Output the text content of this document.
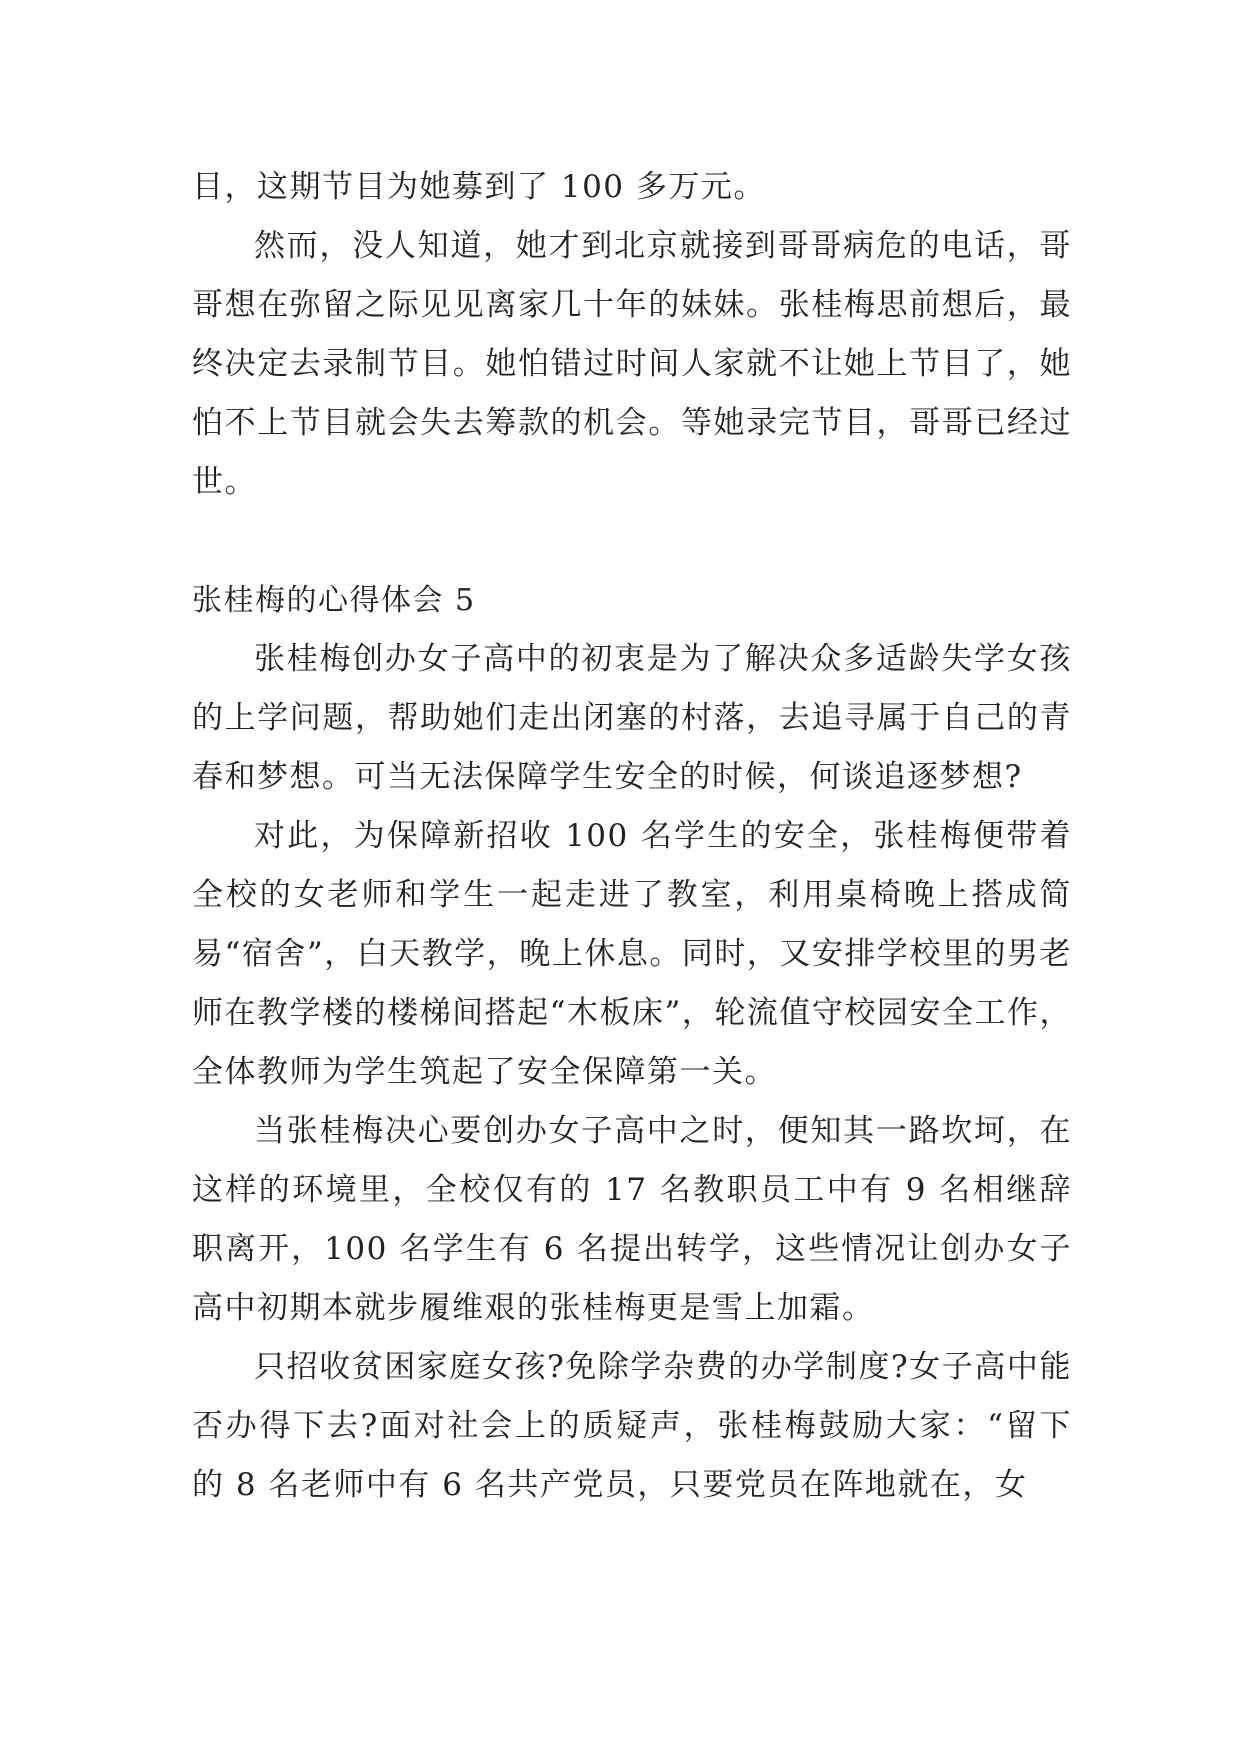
目，这期节目为她募到了 100 多万元。

然而，没人知道，她才到北京就接到哥哥病危的电话，哥哥想在弥留之际见见离家几十年的妹妹。张桂梅思前想后，最终决定去录制节目。她怕错过时间人家就不让她上节目了，她怕不上节目就会失去筹款的机会。等她录完节目，哥哥已经过世。

张桂梅的心得体会 5

张桂梅创办女子高中的初衷是为了解决众多适龄失学女孩的上学问题，帮助她们走出闭塞的村落，去追寻属于自己的青春和梦想。可当无法保障学生安全的时候，何谈追逐梦想?

对此，为保障新招收 100 名学生的安全，张桂梅便带着全校的女老师和学生一起走进了教室，利用桌椅晚上搭成简易“宿舍”，白天教学，晚上休息。同时，又安排学校里的男老师在教学楼的楼梯间搭起“木板床”，轮流值守校园安全工作，全体教师为学生筑起了安全保障第一关。

当张桂梅决心要创办女子高中之时，便知其一路坎坷，在这样的环境里，全校仅有的 17 名教职员工中有 9 名相继辞职离开，100 名学生有 6 名提出转学，这些情况让创办女子高中初期本就步履维艰的张桂梅更是雪上加霜。

只招收贫困家庭女孩?免除学杂费的办学制度?女子高中能否办得下去?面对社会上的质疑声，张桂梅鼓励大家：“留下的 8 名老师中有 6 名共产党员，只要党员在阵地就在，女
